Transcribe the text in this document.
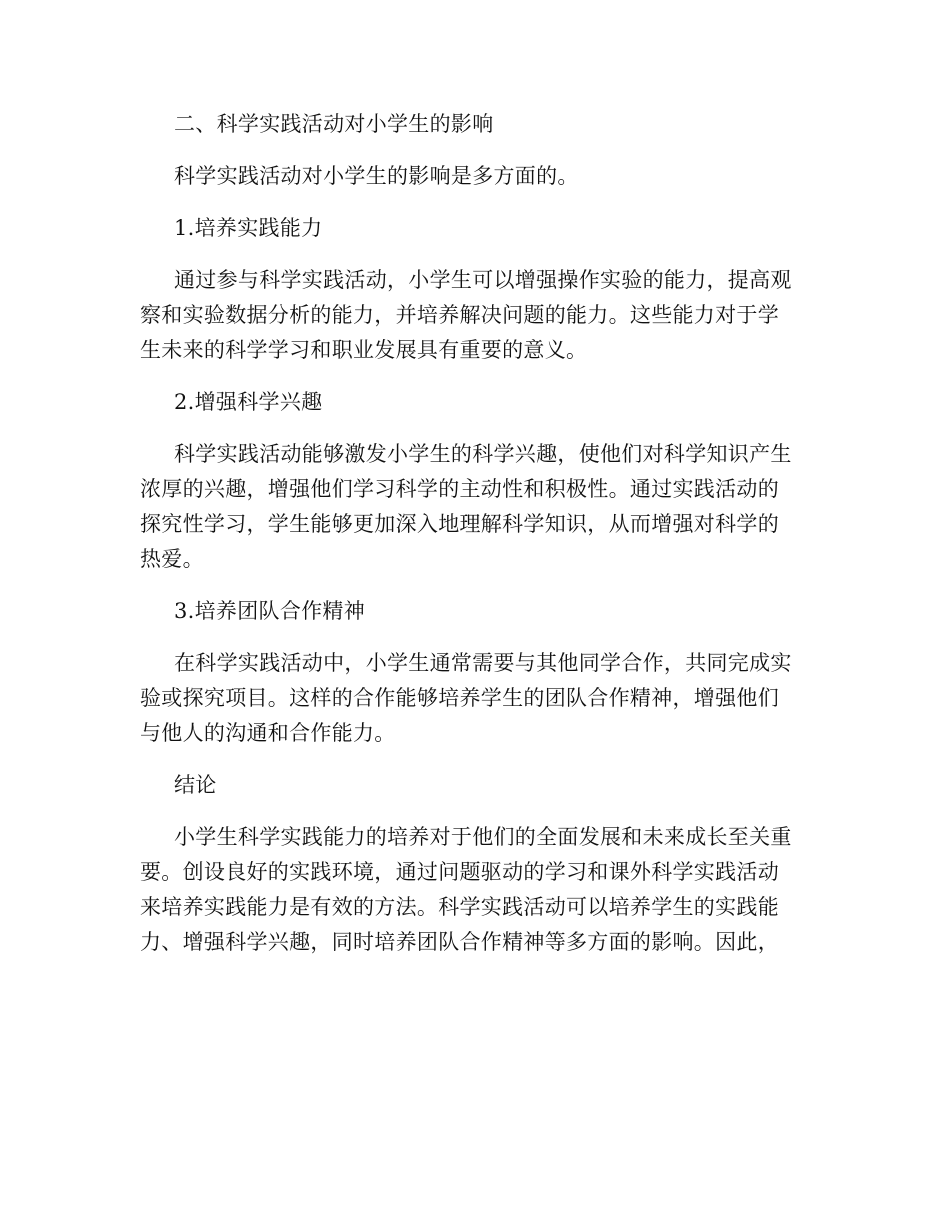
二、科学实践活动对小学生的影响
科学实践活动对小学生的影响是多方面的。
1.培养实践能力
通过参与科学实践活动，小学生可以增强操作实验的能力，提高观
察和实验数据分析的能力，并培养解决问题的能力。这些能力对于学
生未来的科学学习和职业发展具有重要的意义。
2.增强科学兴趣
科学实践活动能够激发小学生的科学兴趣，使他们对科学知识产生
浓厚的兴趣，增强他们学习科学的主动性和积极性。通过实践活动的
探究性学习，学生能够更加深入地理解科学知识，从而增强对科学的
热爱。
3.培养团队合作精神
在科学实践活动中，小学生通常需要与其他同学合作，共同完成实
验或探究项目。这样的合作能够培养学生的团队合作精神，增强他们
与他人的沟通和合作能力。
结论
小学生科学实践能力的培养对于他们的全面发展和未来成长至关重
要。创设良好的实践环境，通过问题驱动的学习和课外科学实践活动
来培养实践能力是有效的方法。科学实践活动可以培养学生的实践能
力、增强科学兴趣，同时培养团队合作精神等多方面的影响。因此，
